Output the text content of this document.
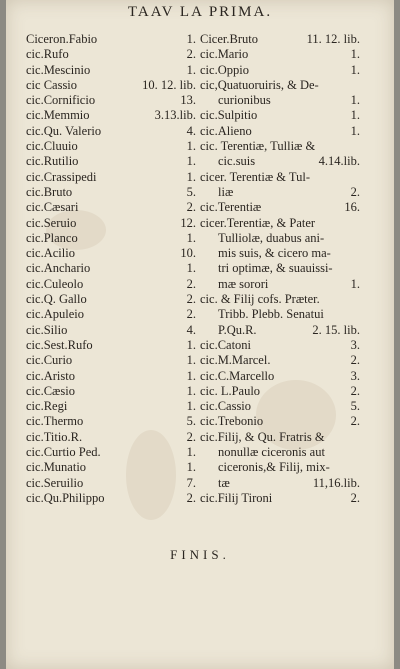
TAAV LA PRIMA.
Ciceron.Fabio	1.
cic.Rufo	2.
cic.Mescinio	1.
cic Cassio	10. 12. lib.
cic.Cornificio	13.
cic.Memmio	3.13.lib.
cic.Qu. Valerio	4.
cic.Cluuio	1.
cic.Rutilio	1.
cic.Crassipedi	1.
cic.Bruto	5.
cic.Cæsari	2.
cic.Seruio	12.
cic.Planco	1.
cic.Acilio	10.
cic.Anchario	1.
cic.Culeolo	2.
cic.Q. Gallo	2.
cic.Apuleio	2.
cic.Silio	4.
cic.Sest.Rufo	1.
cic.Curio	1.
cic.Aristo	1.
cic.Cæsio	1.
cic.Regi	1.
cic.Thermo	5.
cic.Titio.R.	2.
cic.Curtio Ped.	1.
cic.Munatio	1.
cic.Seruilio	7.
cic.Qu.Philippo	2.
Cicer.Bruto	11. 12. lib.
cic.Mario	1.
cic.Oppio	1.
cic,Quatuoruiris, & De-
curionibus	1.
cic.Sulpitio	1.
cic.Alieno	1.
cic. Terentiæ, Tulliæ &
cic.suis	4.14.lib.
cicer. Terentiæ & Tul-
liæ	2.
cic.Terentiæ	16.
cicer.Terentiæ, & Pater
Tulliolæ, duabus ani-
mis suis, & cicero ma-
tri optimæ, & suauissi-
mæ sorori	1.
cic. & Filij cofs. Præter.
Tribb. Plebb. Senatui
P.Qu.R.	2. 15. lib.
cic.Catoni	3.
cic.M.Marcel.	2.
cic.C.Marcello	3.
cic. L.Paulo	2.
cic.Cassio	5.
cic.Trebonio	2.
cic.Filij, & Qu. Fratris &
nonullæ ciceronis aut
ciceronis,& Filij, mix-
tæ	11,16.lib.
cic.Filij Tironi	2.
FINIS.
